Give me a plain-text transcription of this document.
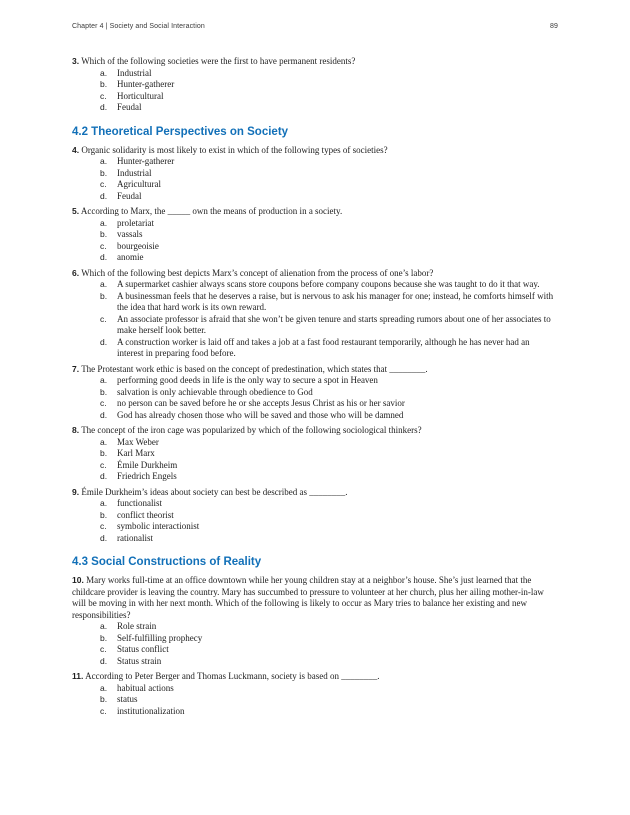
Chapter 4 | Society and Social Interaction	89
3. Which of the following societies were the first to have permanent residents?
a.	Industrial
b.	Hunter-gatherer
c.	Horticultural
d.	Feudal
4.2 Theoretical Perspectives on Society
4. Organic solidarity is most likely to exist in which of the following types of societies?
a.	Hunter-gatherer
b.	Industrial
c.	Agricultural
d.	Feudal
5. According to Marx, the _____ own the means of production in a society.
a.	proletariat
b.	vassals
c.	bourgeoisie
d.	anomie
6. Which of the following best depicts Marx’s concept of alienation from the process of one’s labor?
a.	A supermarket cashier always scans store coupons before company coupons because she was taught to do it that way.
b.	A businessman feels that he deserves a raise, but is nervous to ask his manager for one; instead, he comforts himself with the idea that hard work is its own reward.
c.	An associate professor is afraid that she won’t be given tenure and starts spreading rumors about one of her associates to make herself look better.
d.	A construction worker is laid off and takes a job at a fast food restaurant temporarily, although he has never had an interest in preparing food before.
7. The Protestant work ethic is based on the concept of predestination, which states that ________.
a.	performing good deeds in life is the only way to secure a spot in Heaven
b.	salvation is only achievable through obedience to God
c.	no person can be saved before he or she accepts Jesus Christ as his or her savior
d.	God has already chosen those who will be saved and those who will be damned
8. The concept of the iron cage was popularized by which of the following sociological thinkers?
a.	Max Weber
b.	Karl Marx
c.	Émile Durkheim
d.	Friedrich Engels
9. Émile Durkheim’s ideas about society can best be described as ________.
a.	functionalist
b.	conflict theorist
c.	symbolic interactionist
d.	rationalist
4.3 Social Constructions of Reality
10. Mary works full-time at an office downtown while her young children stay at a neighbor’s house. She’s just learned that the childcare provider is leaving the country. Mary has succumbed to pressure to volunteer at her church, plus her ailing mother-in-law will be moving in with her next month. Which of the following is likely to occur as Mary tries to balance her existing and new responsibilities?
a.	Role strain
b.	Self-fulfilling prophecy
c.	Status conflict
d.	Status strain
11. According to Peter Berger and Thomas Luckmann, society is based on ________.
a.	habitual actions
b.	status
c.	institutionalization
